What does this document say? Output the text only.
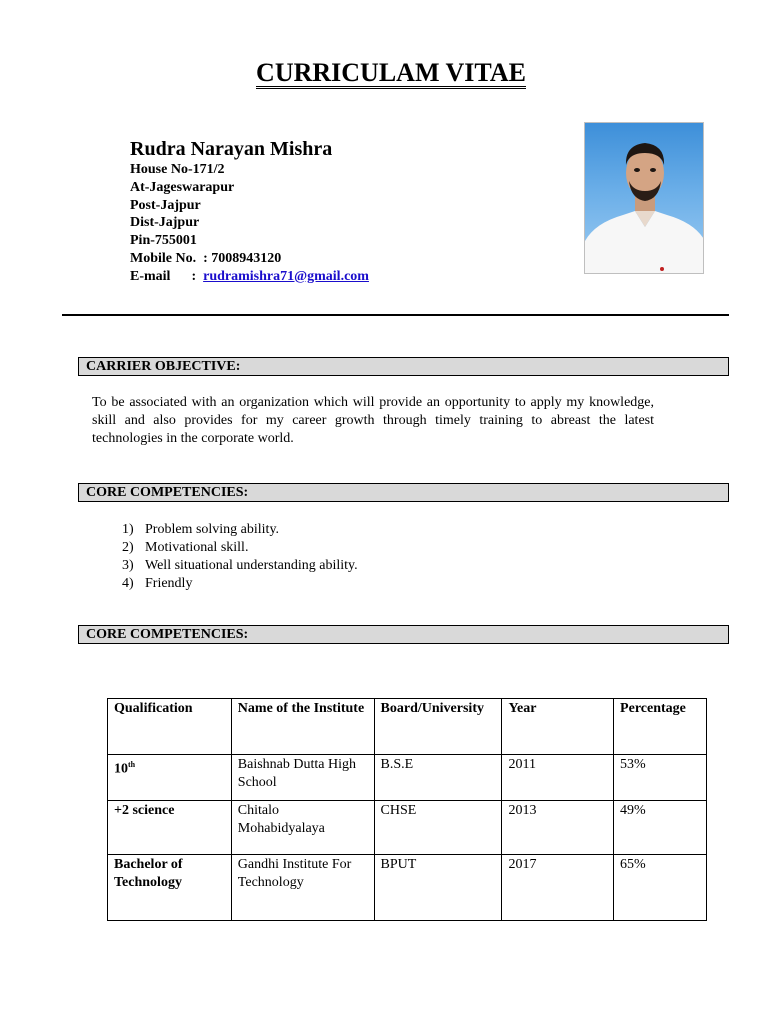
CURRICULAM VITAE
Rudra Narayan Mishra
House No-171/2
At-Jageswarapur
Post-Jajpur
Dist-Jajpur
Pin-755001
Mobile No.  : 7008943120
E-mail      :  rudramishra71@gmail.com
CARRIER OBJECTIVE:
To be associated with an organization which will provide an opportunity to apply my knowledge, skill and also provides for my career growth through timely training to abreast the latest technologies in the corporate world.
CORE COMPETENCIES:
1) Problem solving ability.
2) Motivational skill.
3) Well situational understanding ability.
4) Friendly
CORE COMPETENCIES:
Qualification	Name of the Institute	Board/University	Year	Percentage
10th	Baishnab Dutta High School	B.S.E	2011	53%
+2 science	Chitalo Mohabidyalaya	CHSE	2013	49%
Bachelor of Technology	Gandhi Institute For Technology	BPUT	2017	65%
